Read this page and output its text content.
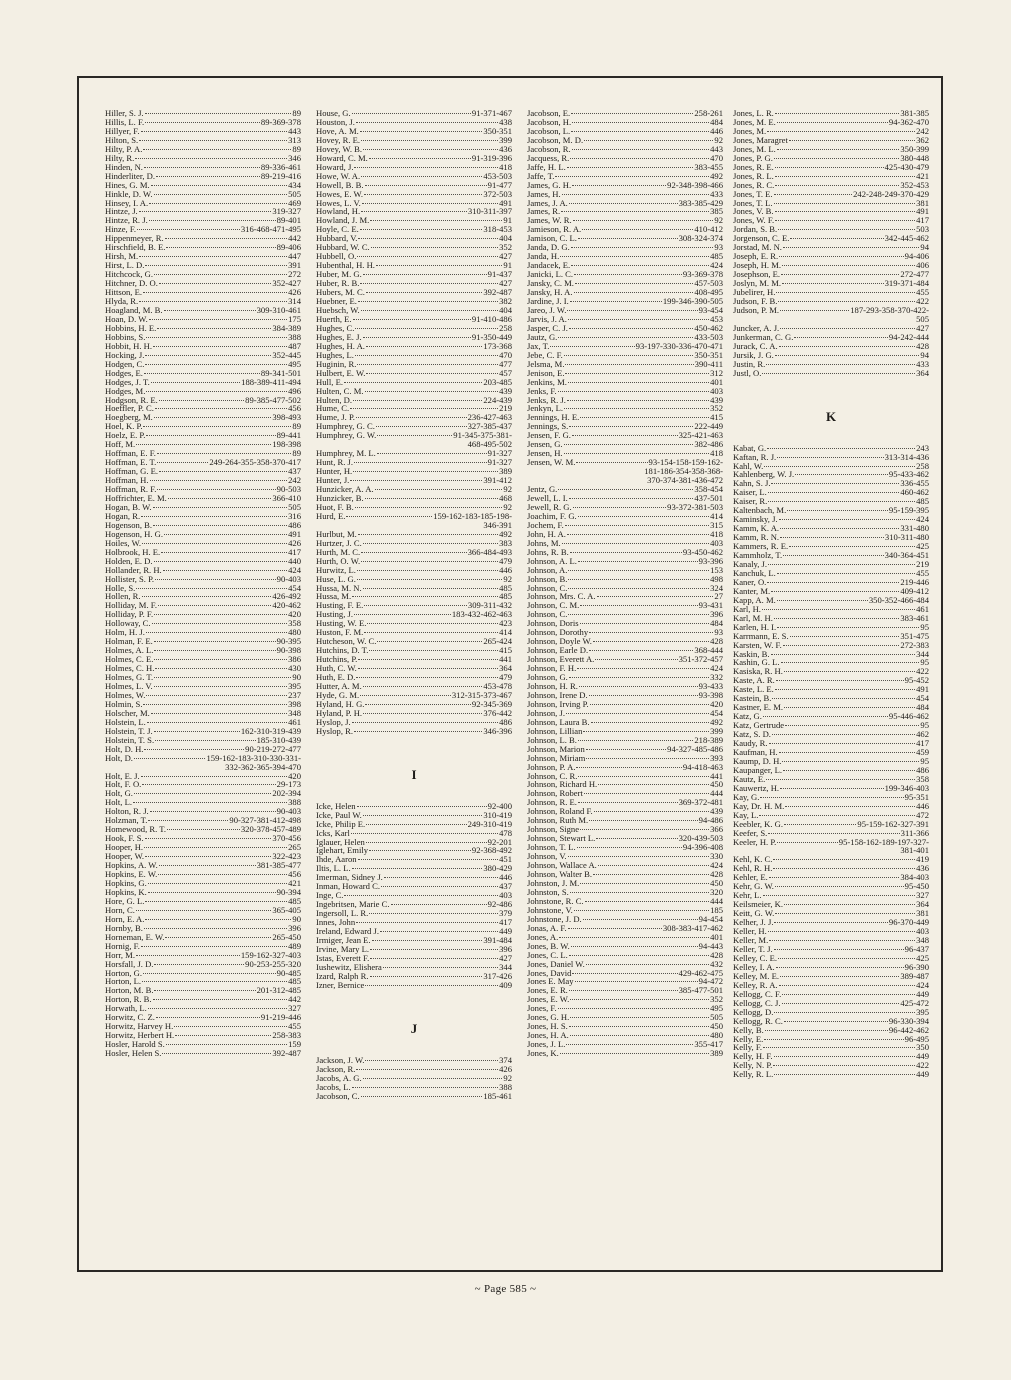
Hiller, S. J.	89
Hillis, L. F.	89-369-378
Hillyer, F.	443
Hilton, S.	313
Hilty, P. A.	89
Hilty, R.	346
Hinden, N.	89-336-461
Hinderliter, D.	89-219-416
Hines, G. M.	434
Hinkle, D. W.	505
Hinsey, I. A.	469
Hintze, J.	319-327
Hintze, R. J.	89-401
Hinze, F.	316-468-471-495
Hippenmeyer, R.	442
Hirschfield, B. E.	89-406
Hirsh, M.	447
Hirst, L. D.	391
Hitchcock, G.	272
Hitchner, D. O.	352-427
Hittson, E.	426
Hlyda, R.	314
Hoagland, M. B.	309-310-461
Hoan, D. W.	175
Hobbins, H. E.	384-389
Hobbins, S.	388
Hobbit, H. H.	487
Hocking, J.	352-445
Hodgen, C.	495
Hodges, E.	89-341-501
Hodges, J. T.	188-389-411-494
Hodges, M.	496
Hodgson, R. E.	89-385-477-502
Hoeffler, P. C.	456
Hoegberg, M.	398-493
Hoel, K. P.	89
Hoelz, E. P.	89-441
Hoff, M.	198-398
Hoffman, E. F.	89
Hoffman, E. T.	249-264-355-358-370-417
Hoffman, G. E.	437
Hoffman, H.	242
Hoffman, R. F.	90-503
Hoffrichter, E. M.	366-410
Hogan, B. W.	505
Hogan, R.	316
Hogenson, B.	486
Hogenson, H. G.	491
Hoiles, W.	426
Holbrook, H. E.	417
Holden, E. D.	440
Hollander, R. H.	424
Hollister, S. P.	90-403
Holle, S.	454
Hollen, R.	426-492
Holliday, M. F.	420-462
Holliday, P. F.	420
Holloway, C.	358
Holm, H. J.	480
Holman, F. E.	90-395
Holmes, A. L.	90-398
Holmes, C. E.	386
Holmes, C. H.	430
Holmes, G. T.	90
Holmes, L. V.	395
Holmes, W.	237
Holmin, S.	398
Holscher, M.	348
Holstein, L.	461
Holstein, T. J.	162-310-319-439
Holstein, T. S.	185-310-439
Holt, D. H.	90-219-272-477
Holt, D.	159-162-183-310-330-331-
332-362-365-394-470
Holt, E. J.	420
Holt, F. O.	29-173
Holt, G.	202-394
Holt, L.	388
Holton, R. J.	90-403
Holzman, T.	90-327-381-412-498
Homewood, R. T.	320-378-457-489
Hook, F. S.	370-456
Hooper, H.	265
Hooper, W.	322-423
Hopkins, A. W.	381-385-477
Hopkins, E. W.	456
Hopkins, G.	421
Hopkins, K.	90-394
Hore, G. L.	485
Horn, C.	365-405
Horn, E. A.	90
Hornby, B.	396
Horneman, E. W.	265-450
Hornig, F.	489
Horr, M.	159-162-327-403
Horsfall, J. D.	90-253-255-320
Horton, G.	90-485
Horton, L.	485
Horton, M. B.	201-312-485
Horton, R. B.	442
Horwath, L.	327
Horwitz, C. Z.	91-219-446
Horwitz, Harvey H.	455
Horwitz, Herbert H.	258-383
Hosler, Harold S.	159
Hosler, Helen S.	392-487
House, G.	91-371-467
Houston, J.	438
Hove, A. M.	350-351
Hovey, R. E.	399
Hovey, W. B.	436
Howard, C. M.	91-319-396
Howard, J.	418
Howe, W. A.	453-503
Howell, B. B.	91-477
Howes, E. W.	372-503
Howes, L. V.	491
Howland, H.	310-311-397
Howland, J. M.	91
Hoyle, C. E.	318-453
Hubbard, V.	404
Hubbard, W. C.	352
Hubbell, O.	427
Hubenthal, H. H.	91
Huber, M. G.	91-437
Huber, R. B.	427
Hubers, M. C.	392-487
Huebner, E.	382
Huebsch, W.	404
Huerth, E.	91-410-486
Hughes, C.	258
Hughes, E. J.	91-350-449
Hughes, H. A.	173-368
Hughes, L.	470
Huginin, R.	477
Hulbert, E. W.	457
Hull, E.	203-485
Hulten, C. M.	439
Hulten, D.	224-439
Hume, C.	219
Hume, J. P.	236-427-463
Humphrey, G. C.	327-385-437
Humphrey, G. W.	91-345-375-381-
468-495-502
Humphrey, M. L.	91-327
Hunt, R. J.	91-327
Hunter, H.	389
Hunter, J.	391-412
Hunzicker, A. A.	92
Hunzicker, B.	468
Huot, F. B.	92
Hurd, E.	159-162-183-185-198-
346-391
Hurlbut, M.	492
Hurtzer, J. C.	383
Hurth, M. C.	366-484-493
Hurth, O. W.	479
Hurwitz, L.	446
Huse, L. G.	92
Hussa, M. N.	485
Hussa, M.	485
Husting, F. E.	309-311-432
Husting, J.	183-432-462-463
Husting, W. E.	423
Huston, F. M.	414
Hutcheson, W. C.	265-424
Hutchins, D. T.	415
Hutchins, P.	441
Huth, C. W.	364
Huth, E. D.	479
Hutter, A. M.	453-478
Hyde, G. M.	312-315-373-467
Hyland, H. G.	92-345-369
Hyland, P. H.	376-442
Hyslop, J.	486
Hyslop, R.	346-396
I
Icke, Helen	92-400
Icke, Paul W.	310-419
Icke, Philip E.	249-310-419
Icks, Karl	478
Iglauer, Helen	92-201
Iglehart, Emily	92-368-492
Ihde, Aaron	451
Iltis, L. L.	380-429
Imerman, Sidney J.	446
Inman, Howard C.	437
Inge, C.	403
Ingebritsen, Marie C.	92-486
Ingersoll, L. R.	379
Innes, John	417
Ireland, Edward J.	449
Irmiger, Jean E.	391-484
Irvine, Mary L.	396
Istas, Everett F.	427
Iushewitz, Elishera	344
Izard, Ralph R.	317-426
Izner, Bernice	409
J
Jackson, J. W.	374
Jackson, R.	426
Jacobs, A. G.	92
Jacobs, L.	388
Jacobson, C.	185-461
Jacobson, E.	258-261
Jacobson, H.	484
Jacobson, L.	446
Jacobson, M. D.	92
Jacobson, R.	443
Jacquess, R.	470
Jaffe, H. L.	383-455
Jaffe, T.	492
James, G. H.	92-348-398-466
James, H.	433
James, J. A.	383-385-429
James, R.	385
James, W. R.	92
Jamieson, R. A.	410-412
Jamison, C. L.	308-324-374
Janda, D. G.	93
Janda, H.	485
Jandacek, E.	424
Janicki, L. C.	93-369-378
Jansky, C. M.	457-503
Jansky, H. A.	408-495
Jardine, J. I.	199-346-390-505
Jareo, J. W.	93-454
Jarvis, J. A.	453
Jasper, C. J.	450-462
Jautz, G.	433-503
Jax, T.	93-197-330-336-470-471
Jebe, C. F.	350-351
Jelsma, M.	390-411
Jenison, E.	312
Jenkins, M.	401
Jenks, F.	403
Jenks, R. J.	439
Jenkyn, L.	352
Jennings, H. E.	415
Jennings, S.	222-449
Jensen, F. G.	325-421-463
Jensen, G.	382-486
Jensen, H.	418
Jensen, W. M.	93-154-158-159-162-
181-186-354-358-368-
370-374-381-436-472
Jentz, G.	358-454
Jewell, L. I.	437-501
Jewell, R. G.	93-372-381-503
Joachim, F. G.	414
Jochem, F.	315
John, H. A.	418
Johns, M.	403
Johns, R. B.	93-450-462
Johnson, A. L.	93-396
Johnson, A.	153
Johnson, B.	498
Johnson, C.	324
Johnson, Mrs. C. A.	27
Johnson, C. M.	93-431
Johnson, C.	396
Johnson, Doris	484
Johnson, Dorothy	93
Johnson, Doyle W.	428
Johnson, Earle D.	368-444
Johnson, Everett A.	351-372-457
Johnson, F. H.	424
Johnson, G.	332
Johnson, H. R.	93-433
Johnson, Irene D.	93-398
Johnson, Irving P.	420
Johnson, J.	454
Johnson, Laura B.	492
Johnson, Lillian	399
Johnson, L. B.	218-389
Johnson, Marion	94-327-485-486
Johnson, Miriam	393
Johnson, P. A.	94-418-463
Johnson, C. R.	441
Johnson, Richard H.	450
Johnson, Robert	444
Johnson, R. E.	369-372-481
Johnson, Roland F.	439
Johnson, Ruth M.	94-486
Johnson, Signe	366
Johnson, Stewart L.	320-439-503
Johnson, T. L.	94-396-408
Johnson, V.	330
Johnson, Wallace A.	424
Johnson, Walter B.	428
Johnston, J. M.	450
Johnston, S.	320
Johnstone, R. C.	444
Johnstone, V.	185
Johnstone, J. D.	94-454
Jonas, A. F.	308-383-417-462
Jones, A.	401
Jones, B. W.	94-443
Jones, C. L.	428
Jones, Daniel W.	432
Jones, David	429-462-475
Jones E. May	94-472
Jones, E. R.	385-477-501
Jones, E. W.	352
Jones, F.	495
Jones, G. H.	505
Jones, H. S.	450
Jones, H. A.	480
Jones, J. L.	355-417
Jones, K.	389
Jones, L. R.	381-385
Jones, M. E.	94-362-470
Jones, M.	242
Jones, Maragret	362
Jones, M. L.	350-399
Jones, P. G.	380-448
Jones, R. E.	425-430-479
Jones, R. L.	421
Jones, R. C.	352-453
Jones, T. E.	242-248-249-370-429
Jones, T. L.	381
Jones, V. B.	491
Jones, W. F.	417
Jordan, S. B.	503
Jorgenson, C. E.	342-445-462
Jorstad, M. N.	94
Joseph, E. R.	94-406
Joseph, H. M.	406
Josephson, E.	272-477
Joslyn, M. M.	319-371-484
Jubelirer, H.	455
Judson, F. B.	422
Judson, P. M.	187-293-358-370-422-
505
Juncker, A. J.	427
Junkerman, C. G.	94-242-444
Jurack, C. A.	428
Jursik, J. G.	94
Justin, R.	433
Justl, O.	364
K
Kabat, G.	243
Kaftan, R. J.	313-314-436
Kahl, W.	258
Kahlenberg, W. J.	95-433-462
Kahn, S. J.	336-455
Kaiser, L.	460-462
Kaiser, R.	485
Kaltenbach, M.	95-159-395
Kaminsky, J.	424
Kamm, K. A.	331-480
Kamm, R. N.	310-311-480
Kammers, R. E.	425
Kammholz, T.	340-364-451
Kanaly, J.	219
Kanchuk, L.	455
Kaner, O.	219-446
Kanter, M.	409-412
Kapp, A. M.	350-352-466-484
Karl, H.	461
Karl, M. H.	383-461
Karlen, H. I.	95
Karrmann, E. S.	351-475
Karsten, W. F.	272-383
Kaskin, B.	344
Kashin, G. L.	95
Kasiska, R. H.	422
Kaste, A. R.	95-452
Kaste, L. E.	491
Kastein, B.	454
Kastner, E. M.	484
Katz, G.	95-446-462
Katz, Gertrude	95
Katz, S. D.	462
Kaudy, R.	417
Kaufman, H.	459
Kaump, D. H.	95
Kaupanger, L.	486
Kautz, E.	358
Kauwertz, H.	199-346-403
Kay, G.	95-351
Kay, Dr. H. M.	446
Kay, L.	472
Keebler, K. G.	95-159-162-327-391
Keefer, S.	311-366
Keeler, H. P.	95-158-162-189-197-327-
381-401
Kehl, K. C.	419
Kehl, R. H.	436
Kehler, E.	384-403
Kehr, G. W.	95-450
Kehr, L.	327
Keilsmeier, K.	364
Keitt, G. W.	381
Kelher, J. J.	96-370-449
Keller, H.	403
Keller, M.	348
Keller, T. J.	96-437
Kelley, C. E.	425
Kelley, I. A.	96-390
Kelley, M. E.	389-487
Kelley, R. A.	424
Kellogg, C. F.	449
Kellogg, C. J.	425-472
Kellogg, D.	395
Kellogg, R. C.	96-330-394
Kelly, B.	96-442-462
Kelly, E.	96-495
Kelly, F.	350
Kelly, H. F.	449
Kelly, N. P.	422
Kelly, R. L.	449
~ Page 585 ~
